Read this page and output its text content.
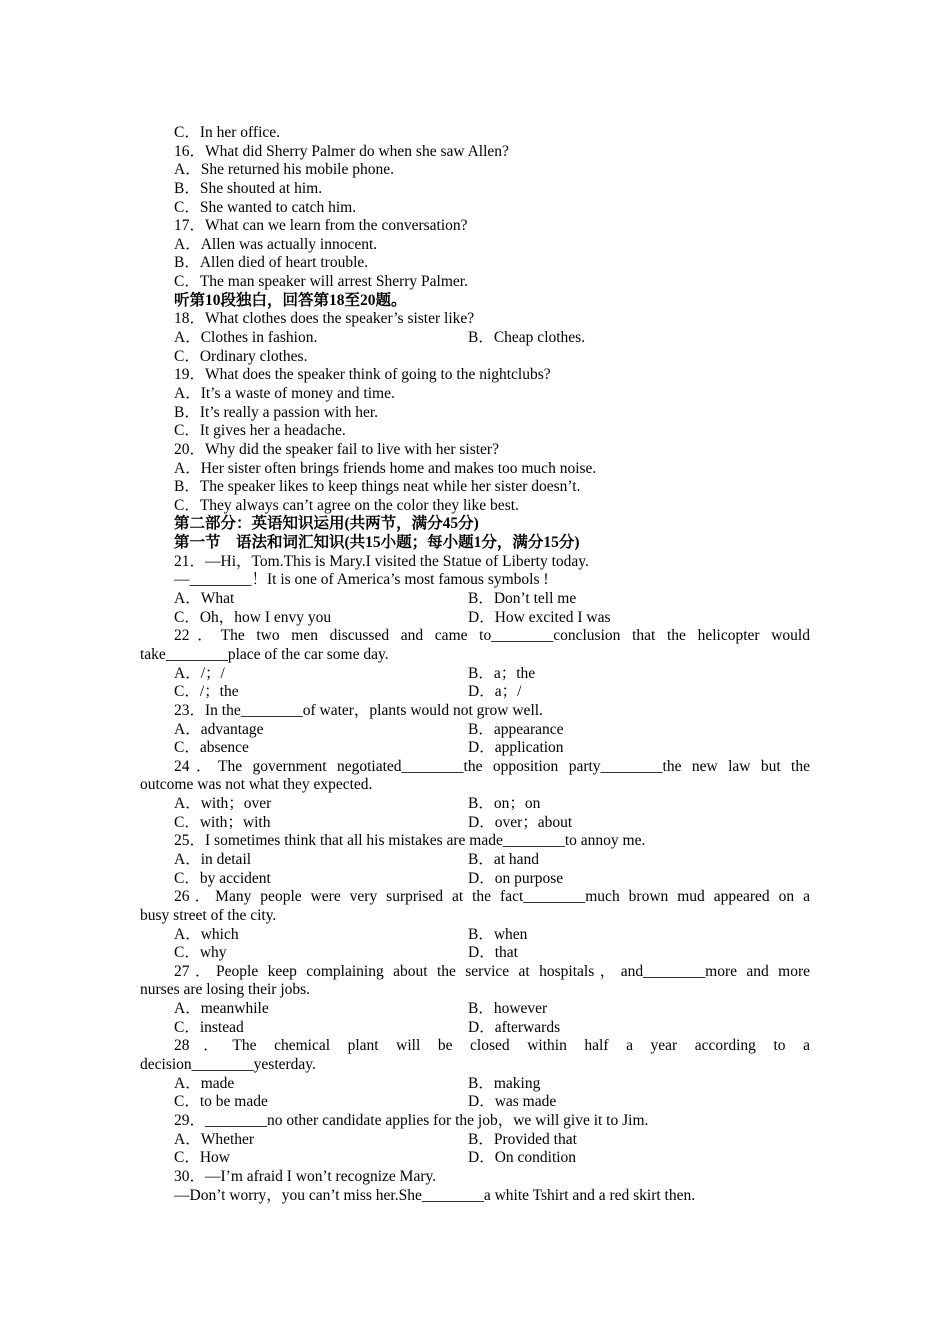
C．In her office.
16．What did Sherry Palmer do when she saw Allen?
A．She returned his mobile phone.
B．She shouted at him.
C．She wanted to catch him.
17．What can we learn from the conversation?
A．Allen was actually innocent.
B．Allen died of heart trouble.
C．The man speaker will arrest Sherry Palmer.
听第10段独白，回答第18至20题。
18．What clothes does the speaker’s sister like?
A．Clothes in fashion.	B．Cheap clothes.
C．Ordinary clothes.
19．What does the speaker think of going to the nightclubs?
A．It’s a waste of money and time.
B．It’s really a passion with her.
C．It gives her a headache.
20．Why did the speaker fail to live with her sister?
A．Her sister often brings friends home and makes too much noise.
B．The speaker likes to keep things neat while her sister doesn’t.
C．They always can’t agree on the color they like best.
第二部分：英语知识运用(共两节，满分45分)
第一节　语法和词汇知识(共15小题；每小题1分，满分15分)
21．—Hi，Tom.This is Mary.I visited the Statue of Liberty today.
—________！It is one of America’s most famous symbols !
A．What	B．Don’t tell me
C．Oh，how I envy you	D．How excited I was
22．The two men discussed and came to________conclusion that the helicopter would
take________place of the car some day.
A．/；/	B．a；the
C．/；the	D．a；/
23．In the________of water，plants would not grow well.
A．advantage	B．appearance
C．absence	D．application
24．The government negotiated________the opposition party________the new law but the
outcome was not what they expected.
A．with；over	B．on；on
C．with；with	D．over；about
25．I sometimes think that all his mistakes are made________to annoy me.
A．in detail	B．at hand
C．by accident	D．on purpose
26．Many people were very surprised at the fact________much brown mud appeared on a
busy street of the city.
A．which	B．when
C．why	D．that
27．People keep complaining about the service at hospitals，and________more and more
nurses are losing their jobs.
A．meanwhile	B．however
C．instead	D．afterwards
28．The chemical plant will be closed within half a year according to a
decision________yesterday.
A．made	B．making
C．to be made	D．was made
29．________no other candidate applies for the job，we will give it to Jim.
A．Whether	B．Provided that
C．How	D．On condition
30．—I’m afraid I won’t recognize Mary.
—Don’t worry，you can’t miss her.She________a white Tshirt and a red skirt then.
